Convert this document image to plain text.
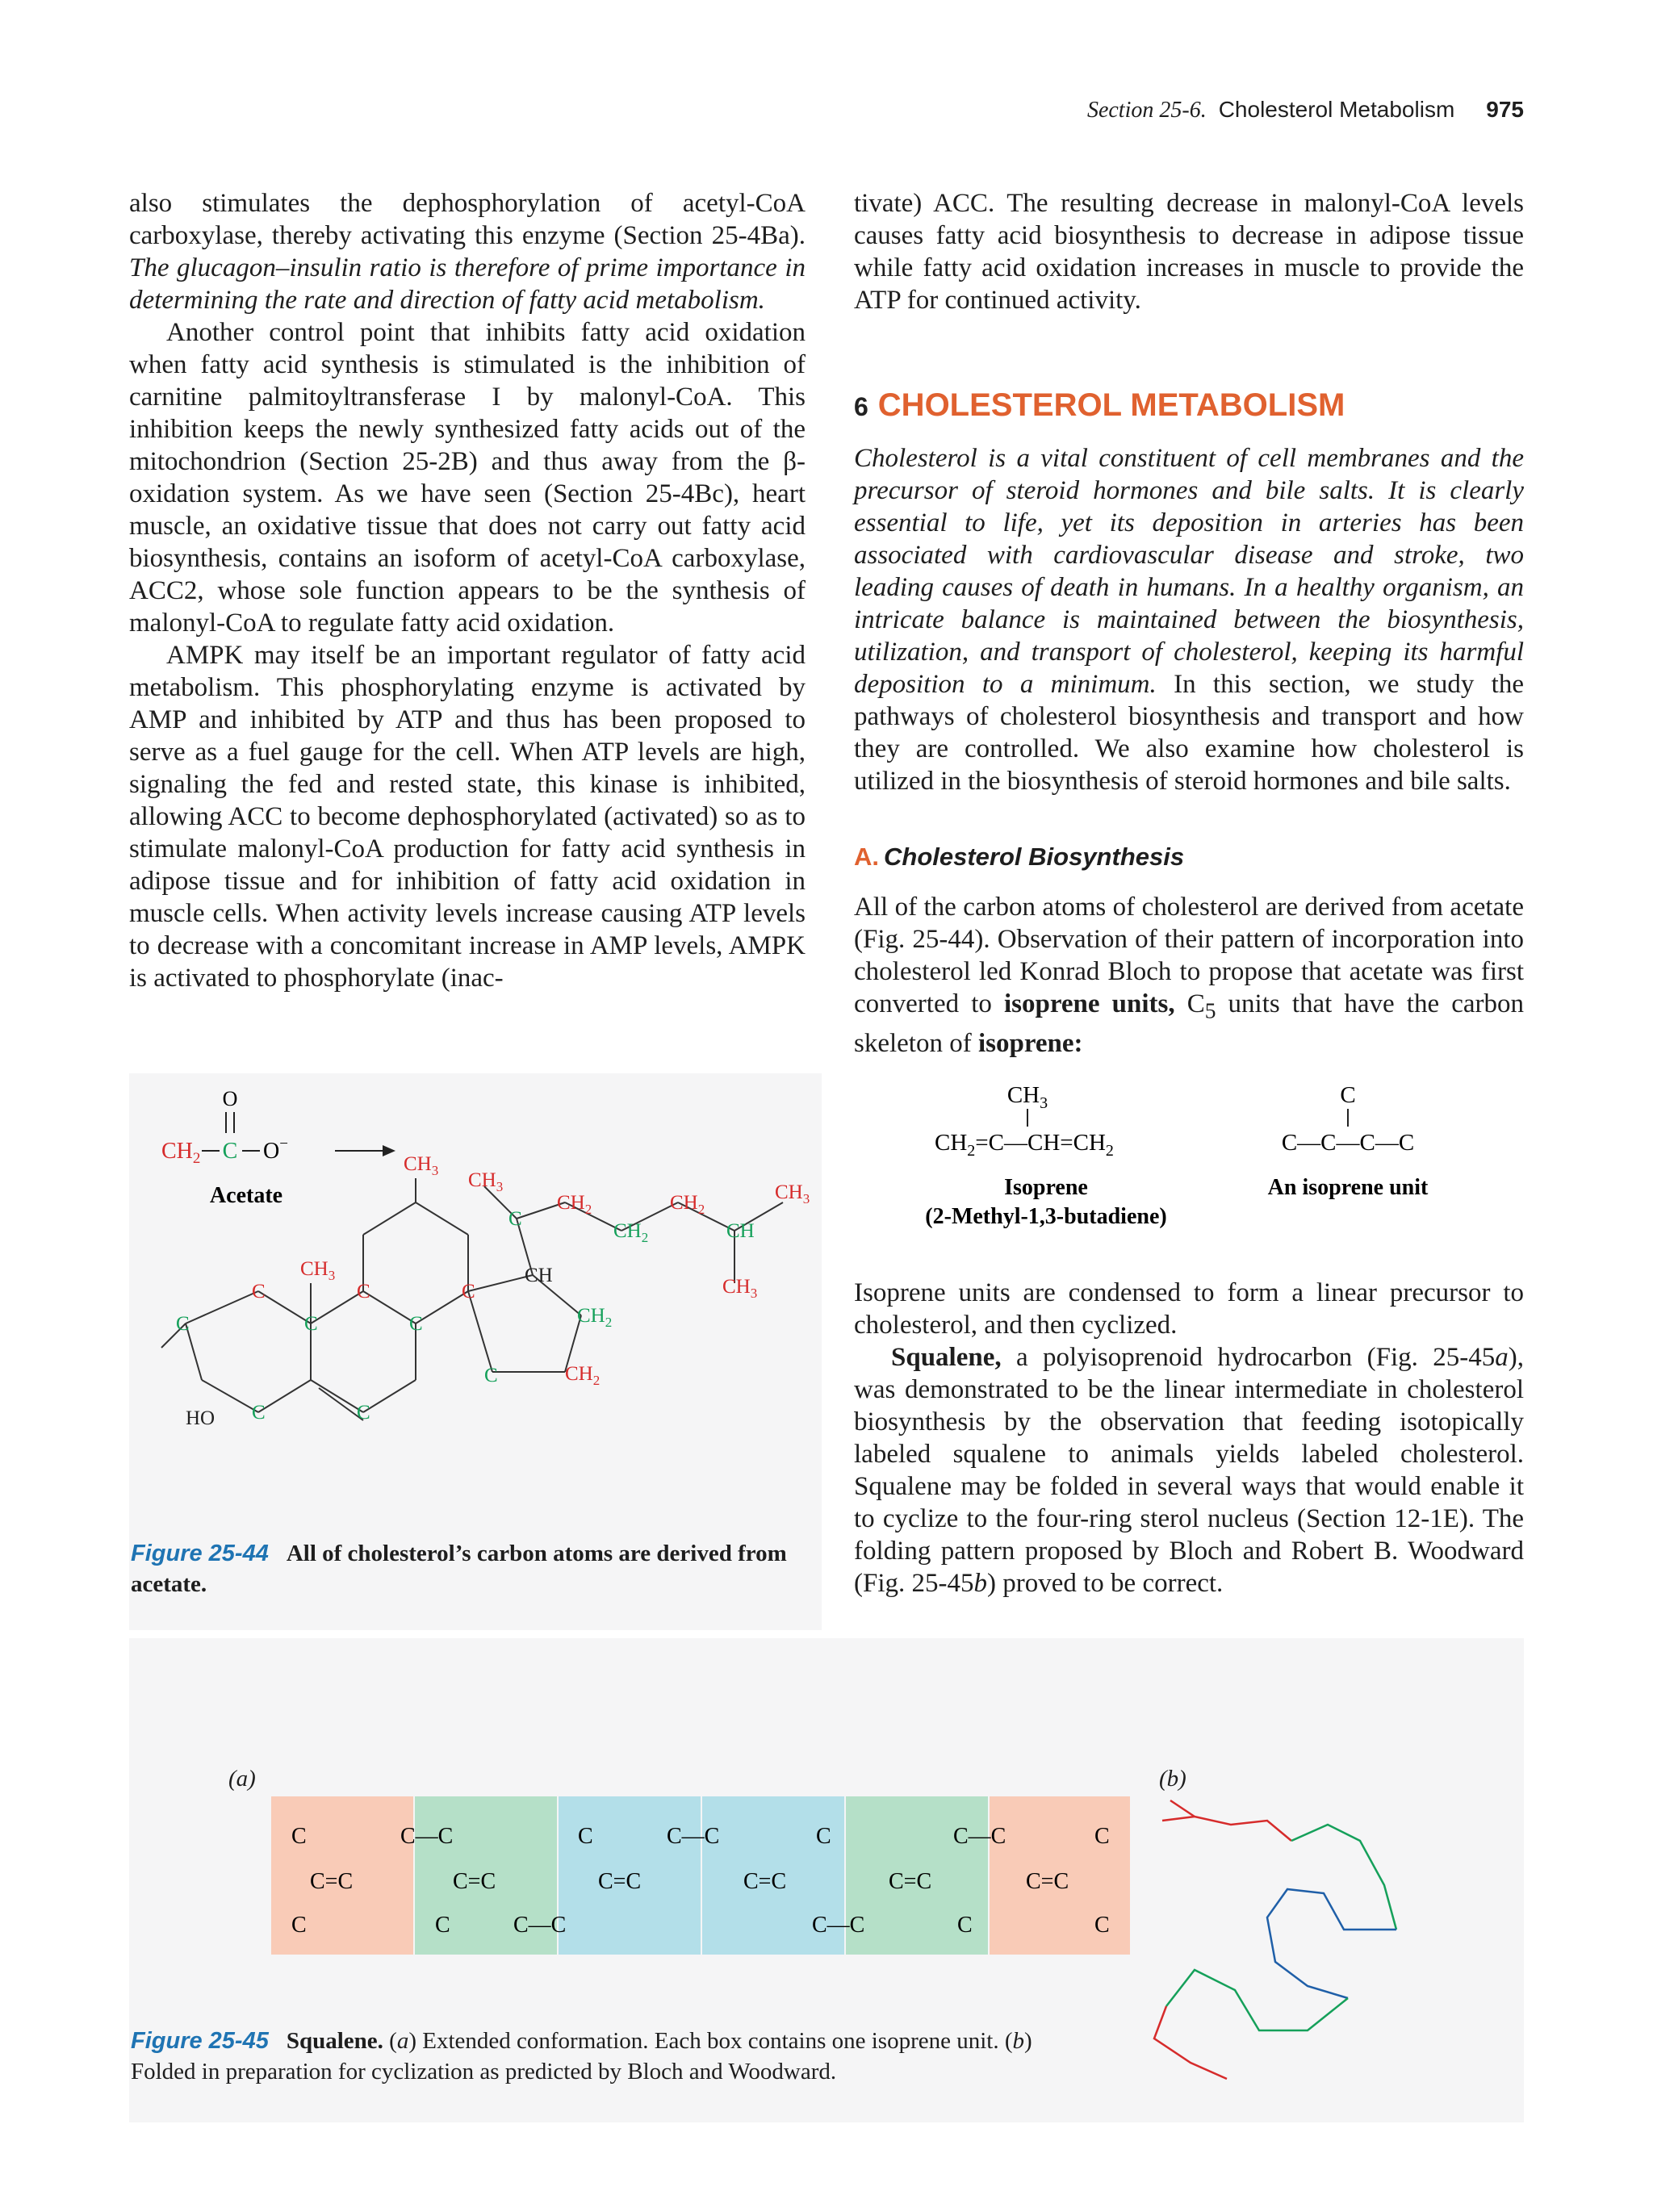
Section 25-6. Cholesterol Metabolism 975

also stimulates the dephosphorylation of acetyl-CoA carboxylase, thereby activating this enzyme (Section 25-4Ba). The glucagon–insulin ratio is therefore of prime importance in determining the rate and direction of fatty acid metabolism.

Another control point that inhibits fatty acid oxidation when fatty acid synthesis is stimulated is the inhibition of carnitine palmitoyltransferase I by malonyl-CoA. This inhibition keeps the newly synthesized fatty acids out of the mitochondrion (Section 25-2B) and thus away from the β-oxidation system. As we have seen (Section 25-4Bc), heart muscle, an oxidative tissue that does not carry out fatty acid biosynthesis, contains an isoform of acetyl-CoA carboxylase, ACC2, whose sole function appears to be the synthesis of malonyl-CoA to regulate fatty acid oxidation.

AMPK may itself be an important regulator of fatty acid metabolism. This phosphorylating enzyme is activated by AMP and inhibited by ATP and thus has been proposed to serve as a fuel gauge for the cell. When ATP levels are high, signaling the fed and rested state, this kinase is inhibited, allowing ACC to become dephosphorylated (activated) so as to stimulate malonyl-CoA production for fatty acid synthesis in adipose tissue and for inhibition of fatty acid oxidation in muscle cells. When activity levels increase causing ATP levels to decrease with a concomitant increase in AMP levels, AMPK is activated to phosphorylate (inac-

tivate) ACC. The resulting decrease in malonyl-CoA levels causes fatty acid biosynthesis to decrease in adipose tissue while fatty acid oxidation increases in muscle to provide the ATP for continued activity.

6 CHOLESTEROL METABOLISM

Cholesterol is a vital constituent of cell membranes and the precursor of steroid hormones and bile salts. It is clearly essential to life, yet its deposition in arteries has been associated with cardiovascular disease and stroke, two leading causes of death in humans. In a healthy organism, an intricate balance is maintained between the biosynthesis, utilization, and transport of cholesterol, keeping its harmful deposition to a minimum. In this section, we study the pathways of cholesterol biosynthesis and transport and how they are controlled. We also examine how cholesterol is utilized in the biosynthesis of steroid hormones and bile salts.

A. Cholesterol Biosynthesis

All of the carbon atoms of cholesterol are derived from acetate (Fig. 25-44). Observation of their pattern of incorporation into cholesterol led Konrad Bloch to propose that acetate was first converted to isoprene units, $C_5$ units that have the carbon skeleton of isoprene:

$CH_3$
$CH_2=C—CH=CH_2$
Isoprene
(2-Methyl-1,3-butadiene)
C
C—C—C—C
An isoprene unit

Isoprene units are condensed to form a linear precursor to cholesterol, and then cyclized.

Squalene, a polyisoprenoid hydrocarbon (Fig. 25-45a), was demonstrated to be the linear intermediate in cholesterol biosynthesis by the observation that feeding isotopically labeled squalene to animals yields labeled cholesterol. Squalene may be folded in several ways that would enable it to cyclize to the four-ring sterol nucleus (Section 12-1E). The folding pattern proposed by Bloch and Robert B. Woodward (Fig. 25-45b) proved to be correct.

O
$CH_2$ C O−
Acetate
HO
C
C
C
C
C
C
C
C
$CH_3$
$CH_3$ $CH_3$	$CH_3$
$CH_3$
C
$CH_2$
$CH_2$
$CH_2$
CH
$CH_2$
$CH_2$
C
CH
Figure 25-44 All of cholesterol’s carbon atoms are derived from acetate.
(a)	(b)
C
C
C=C
C—C
C=C
C	C—C
C=C
C	C—C
C=C
C
C—C
C=C
C
C—C
C=C
C
C
Figure 25-45 Squalene. (a) Extended conformation. Each box contains one isoprene unit. (b) Folded in preparation for cyclization as predicted by Bloch and Woodward.
